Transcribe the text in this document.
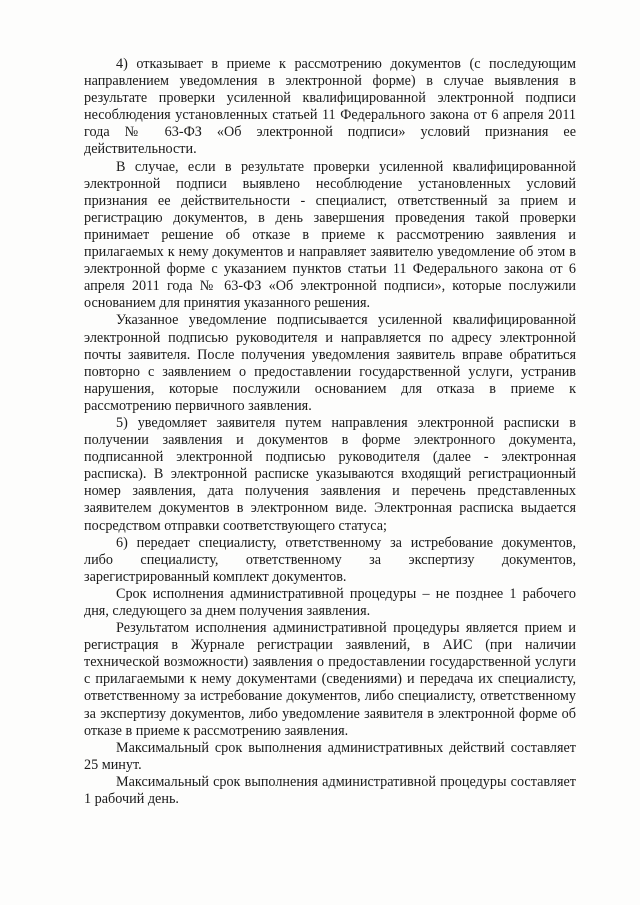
4) отказывает в приеме к рассмотрению документов (с последующим направлением уведомления в электронной форме) в случае выявления в результате проверки усиленной квалифицированной электронной подписи несоблюдения установленных статьей 11 Федерального закона от 6 апреля 2011 года № 63-ФЗ «Об электронной подписи» условий признания ее действительности.

В случае, если в результате проверки усиленной квалифицированной электронной подписи выявлено несоблюдение установленных условий признания ее действительности - специалист, ответственный за прием и регистрацию документов, в день завершения проведения такой проверки принимает решение об отказе в приеме к рассмотрению заявления и прилагаемых к нему документов и направляет заявителю уведомление об этом в электронной форме с указанием пунктов статьи 11 Федерального закона от 6 апреля 2011 года № 63-ФЗ «Об электронной подписи», которые послужили основанием для принятия указанного решения.

Указанное уведомление подписывается усиленной квалифицированной электронной подписью руководителя и направляется по адресу электронной почты заявителя. После получения уведомления заявитель вправе обратиться повторно с заявлением о предоставлении государственной услуги, устранив нарушения, которые послужили основанием для отказа в приеме к рассмотрению первичного заявления.

5) уведомляет заявителя путем направления электронной расписки в получении заявления и документов в форме электронного документа, подписанной электронной подписью руководителя (далее - электронная расписка). В электронной расписке указываются входящий регистрационный номер заявления, дата получения заявления и перечень представленных заявителем документов в электронном виде. Электронная расписка выдается посредством отправки соответствующего статуса;

6) передает специалисту, ответственному за истребование документов, либо специалисту, ответственному за экспертизу документов, зарегистрированный комплект документов.

Срок исполнения административной процедуры – не позднее 1 рабочего дня, следующего за днем получения заявления.

Результатом исполнения административной процедуры является прием и регистрация в Журнале регистрации заявлений, в АИС (при наличии технической возможности) заявления о предоставлении государственной услуги с прилагаемыми к нему документами (сведениями) и передача их специалисту, ответственному за истребование документов, либо специалисту, ответственному за экспертизу документов, либо уведомление заявителя в электронной форме об отказе в приеме к рассмотрению заявления.

Максимальный срок выполнения административных действий составляет 25 минут.

Максимальный срок выполнения административной процедуры составляет 1 рабочий день.
